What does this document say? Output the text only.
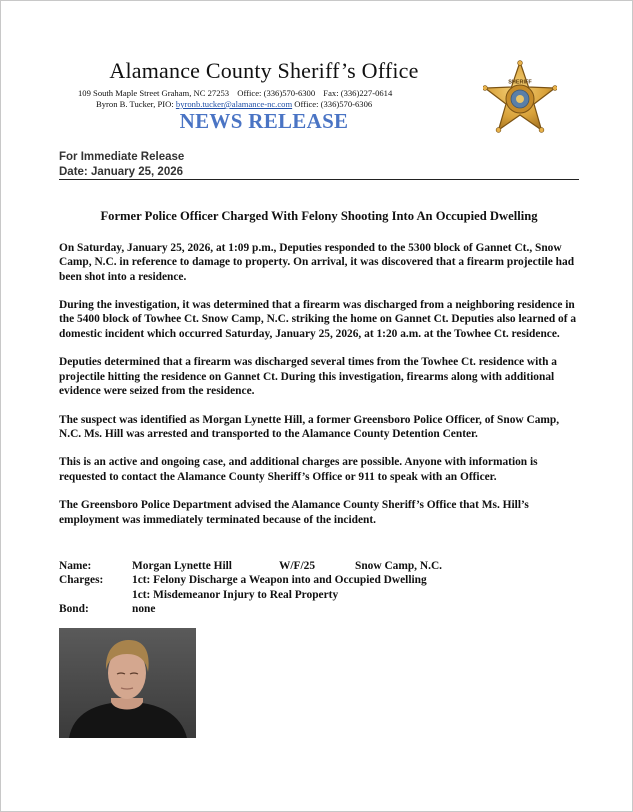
Alamance County Sheriff’s Office
109 South Maple Street Graham, NC 27253 Office: (336)570-6300 Fax: (336)227-0614
Byron B. Tucker, PIO: byronb.tucker@alamance-nc.com Office: (336)570-6306
NEWS RELEASE
SHERIFF
For Immediate Release
Date: January 25, 2026
Former Police Officer Charged With Felony Shooting Into An Occupied Dwelling

On Saturday, January 25, 2026, at 1:09 p.m., Deputies responded to the 5300 block of Gannet Ct., Snow Camp, N.C. in reference to damage to property. On arrival, it was discovered that a firearm projectile had been shot into a residence.

During the investigation, it was determined that a firearm was discharged from a neighboring residence in the 5400 block of Towhee Ct. Snow Camp, N.C. striking the home on Gannet Ct. Deputies also learned of a domestic incident which occurred Saturday, January 25, 2026, at 1:20 a.m. at the Towhee Ct. residence.

Deputies determined that a firearm was discharged several times from the Towhee Ct. residence with a projectile hitting the residence on Gannet Ct. During this investigation, firearms along with additional evidence were seized from the residence.

The suspect was identified as Morgan Lynette Hill, a former Greensboro Police Officer, of Snow Camp, N.C. Ms. Hill was arrested and transported to the Alamance County Detention Center.

This is an active and ongoing case, and additional charges are possible. Anyone with information is requested to contact the Alamance County Sheriff’s Office or 911 to speak with an Officer.

The Greensboro Police Department advised the Alamance County Sheriff’s Office that Ms. Hill’s employment was immediately terminated because of the incident.

Name:	Morgan Lynette Hill	W/F/25	Snow Camp, N.C.
Charges:	1ct: Felony Discharge a Weapon into and Occupied Dwelling
1ct: Misdemeanor Injury to Real Property
Bond:	none
